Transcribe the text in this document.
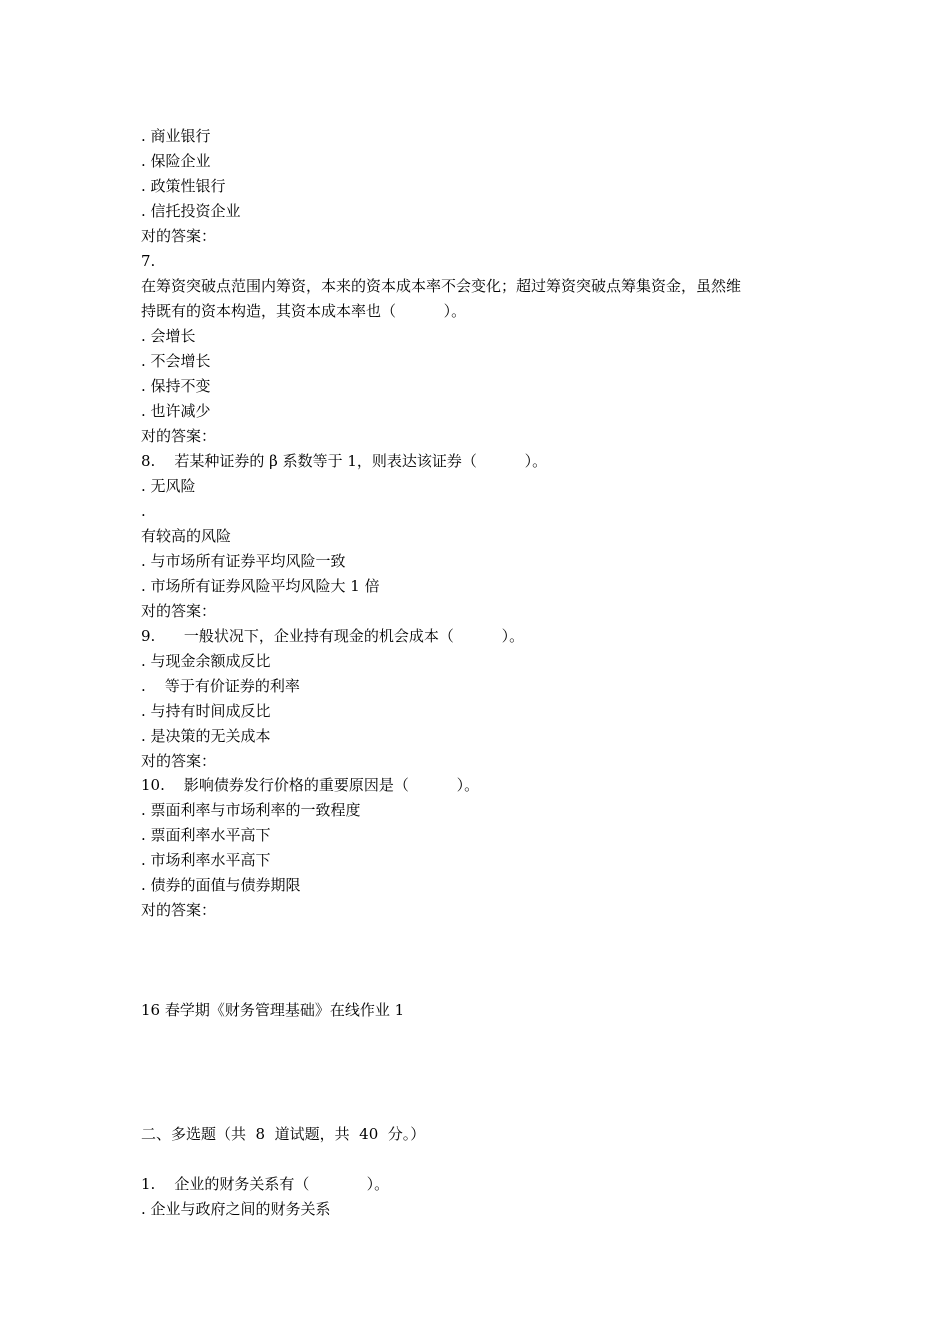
. 商业银行
. 保险企业
. 政策性银行
. 信托投资企业
对的答案：
7.
在筹资突破点范围内筹资，本来的资本成本率不会变化；超过筹资突破点筹集资金，虽然维
持既有的资本构造，其资本成本率也（          ）。
. 会增长
. 不会增长
. 保持不变
. 也许减少
对的答案：
8.    若某种证券的 β 系数等于 1，则表达该证券（          ）。
. 无风险
.
有较高的风险
. 与市场所有证券平均风险一致
. 市场所有证券风险平均风险大 1 倍
对的答案：
9.      一般状况下，企业持有现金的机会成本（          ）。
. 与现金余额成反比
.    等于有价证券的利率
. 与持有时间成反比
. 是决策的无关成本
对的答案：
10.    影响债券发行价格的重要原因是（          ）。
. 票面利率与市场利率的一致程度
. 票面利率水平高下
. 市场利率水平高下
. 债券的面值与债券期限
对的答案：
16 春学期《财务管理基础》在线作业 1
二、多选题（共  8  道试题，共  40  分。）
1.    企业的财务关系有（            ）。
. 企业与政府之间的财务关系
